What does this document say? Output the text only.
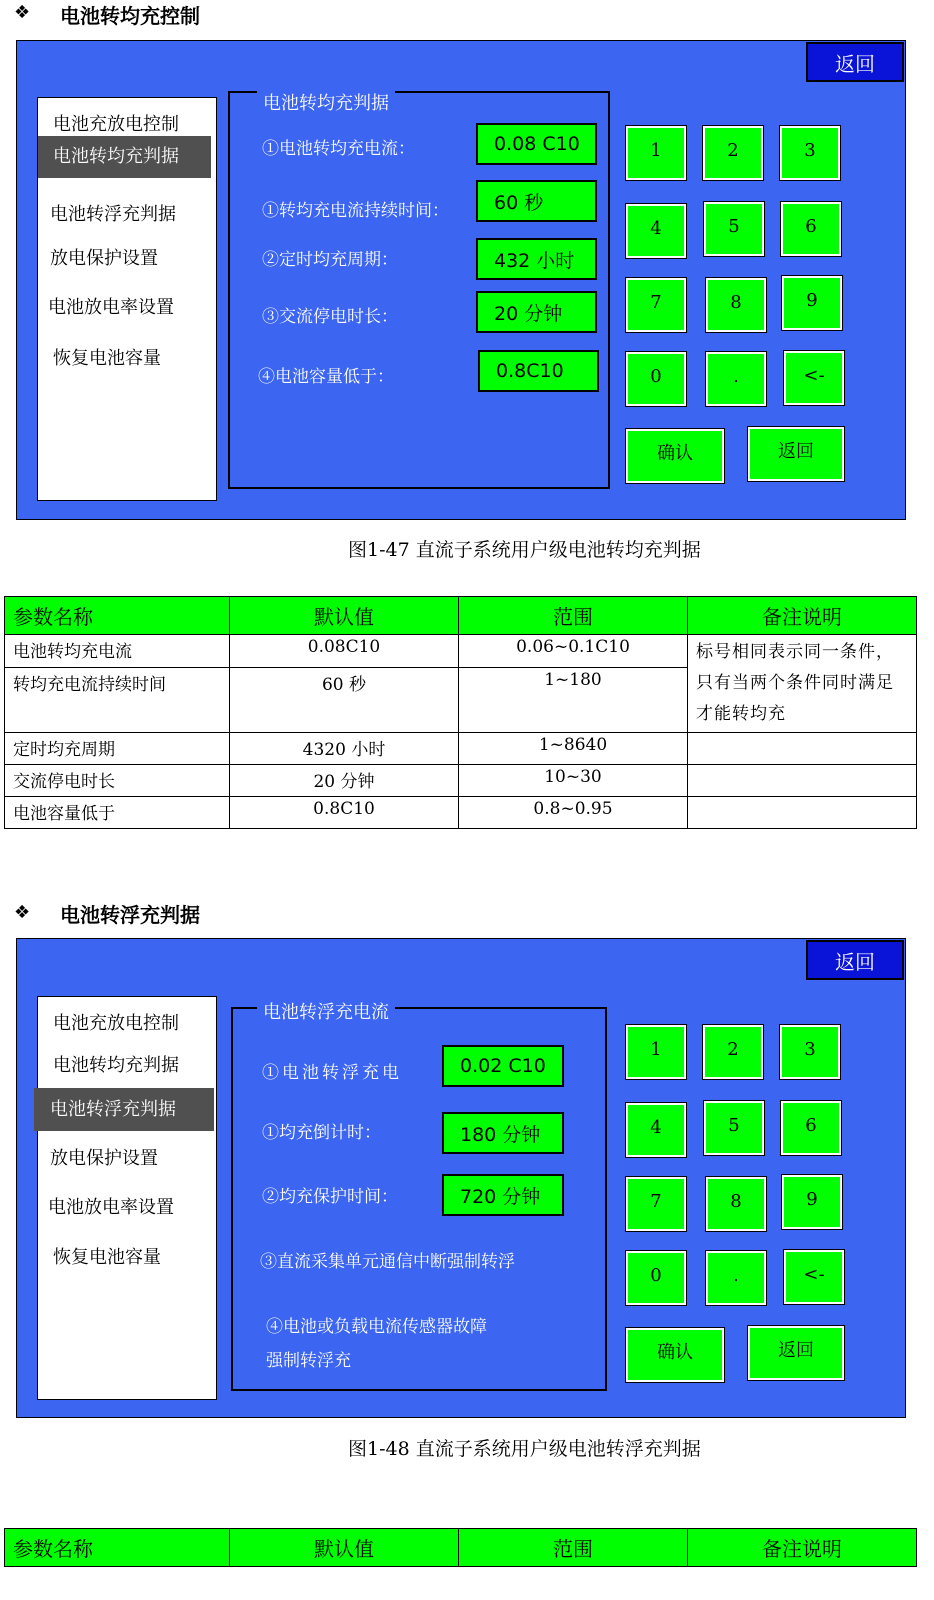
❖ 电池转均充控制
返回
电池充放电控制
电池转均充判据
电池转浮充判据
放电保护设置
电池放电率设置
恢复电池容量
电池转均充判据
①电池转均充电流：	0.08 C10
①转均充电流持续时间：	60 秒
②定时均充周期：	432 小时
③交流停电时长：	20 分钟
④电池容量低于：	0.8C10
1	2	3
4	5	6
7	8	9
0	.	<-
确认	返回
图1-47 直流子系统用户级电池转均充判据
参数名称	默认值	范围	备注说明
电池转均充电流	0.08C10	0.06~0.1C10	标号相同表示同一条件，只有当两个条件同时满足才能转均充
转均充电流持续时间	60 秒	1~180	
定时均充周期	4320 小时	1~8640	
交流停电时长	20 分钟	10~30	
电池容量低于	0.8C10	0.8~0.95	
❖ 电池转浮充判据
返回
电池充放电控制
电池转均充判据
电池转浮充判据
放电保护设置
电池放电率设置
恢复电池容量
电池转浮充电流
①电池转浮充电	0.02 C10
①均充倒计时：	180 分钟
②均充保护时间：	720 分钟
③直流采集单元通信中断强制转浮
④电池或负载电流传感器故障
强制转浮充
1	2	3
4	5	6
7	8	9
0	.	<-
确认	返回
图1-48 直流子系统用户级电池转浮充判据
参数名称	默认值	范围	备注说明
